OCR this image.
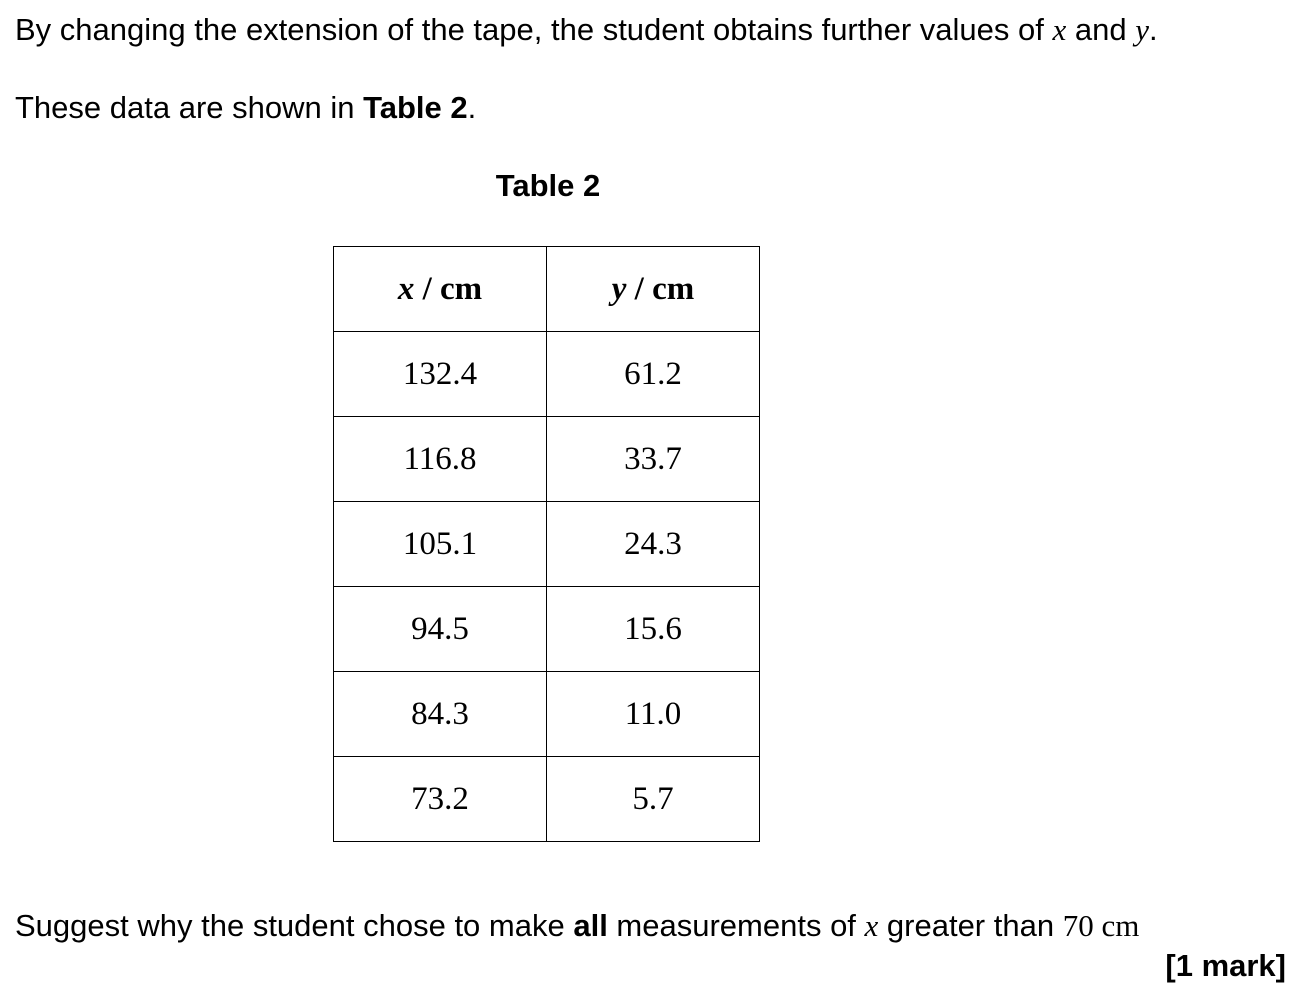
By changing the extension of the tape, the student obtains further values of x and y.
These data are shown in Table 2.
Table 2
x / cm	y / cm
132.4	61.2
116.8	33.7
105.1	24.3
94.5	15.6
84.3	11.0
73.2	5.7
Suggest why the student chose to make all measurements of x greater than 70 cm
[1 mark]
